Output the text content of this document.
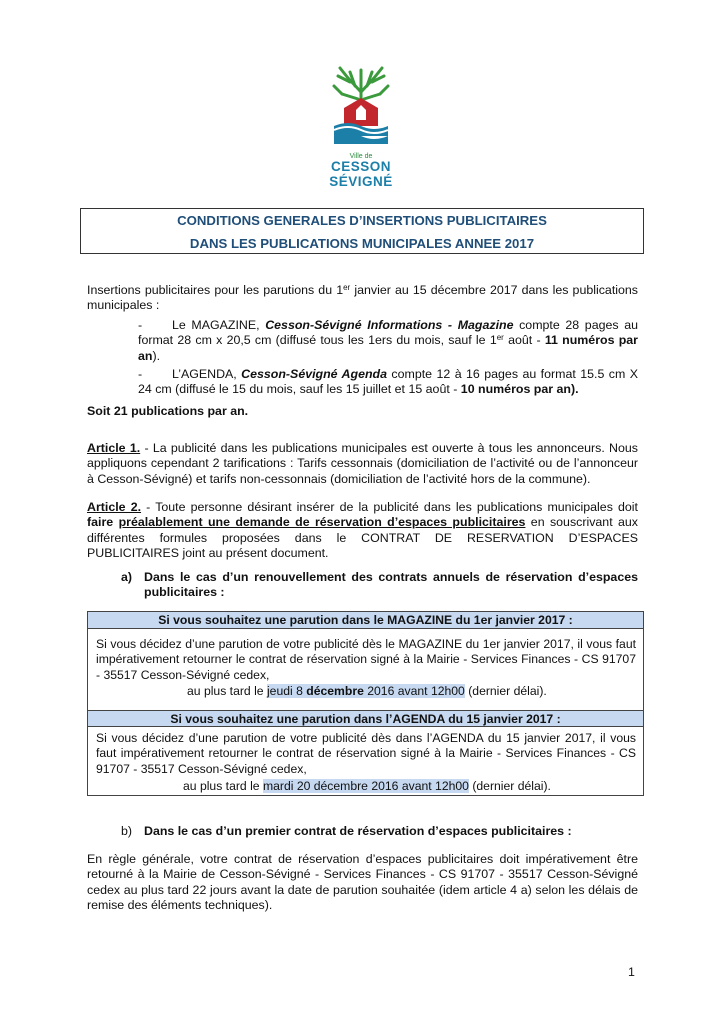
Ville de
CESSON
SÉVIGNÉ
CONDITIONS GENERALES D’INSERTIONS PUBLICITAIRES
DANS LES PUBLICATIONS MUNICIPALES ANNEE 2017

Insertions publicitaires pour les parutions du 1er janvier au 15 décembre 2017 dans les publications municipales :

-	Le MAGAZINE, Cesson-Sévigné Informations - Magazine compte 28 pages au format 28 cm x 20,5 cm (diffusé tous les 1ers du mois, sauf le 1er août - 11 numéros par an).

-	L’AGENDA, Cesson-Sévigné Agenda compte 12 à 16 pages au format 15.5 cm X 24 cm (diffusé le 15 du mois, sauf les 15 juillet et 15 août - 10 numéros par an).

Soit 21 publications par an.

Article 1. - La publicité dans les publications municipales est ouverte à tous les annonceurs. Nous appliquons cependant 2 tarifications : Tarifs cessonnais (domiciliation de l’activité ou de l’annonceur à Cesson-Sévigné) et tarifs non-cessonnais (domiciliation de l’activité hors de la commune).

Article 2. - Toute personne désirant insérer de la publicité dans les publications municipales doit faire préalablement une demande de réservation d’espaces publicitaires en souscrivant aux différentes formules proposées dans le CONTRAT DE RESERVATION D’ESPACES PUBLICITAIRES joint au présent document.

a) Dans le cas d’un renouvellement des contrats annuels de réservation d’espaces publicitaires :
Si vous souhaitez une parution dans le MAGAZINE du 1er janvier 2017 :
Si vous décidez d’une parution de votre publicité dès le MAGAZINE du 1er janvier 2017, il vous faut impérativement retourner le contrat de réservation signé à la Mairie - Services Finances - CS 91707 - 35517 Cesson-Sévigné cedex,
au plus tard le jeudi 8 décembre 2016 avant 12h00 (dernier délai).
Si vous souhaitez une parution dans l’AGENDA du 15 janvier 2017 :
Si vous décidez d’une parution de votre publicité dès dans l’AGENDA du 15 janvier 2017, il vous faut impérativement retourner le contrat de réservation signé à la Mairie - Services Finances - CS 91707 - 35517 Cesson-Sévigné cedex,
au plus tard le mardi 20 décembre 2016 avant 12h00 (dernier délai).
b) Dans le cas d’un premier contrat de réservation d’espaces publicitaires :
En règle générale, votre contrat de réservation d’espaces publicitaires doit impérativement être retourné à la Mairie de Cesson-Sévigné - Services Finances - CS 91707 - 35517 Cesson-Sévigné cedex au plus tard 22 jours avant la date de parution souhaitée (idem article 4 a) selon les délais de remise des éléments techniques).
1
